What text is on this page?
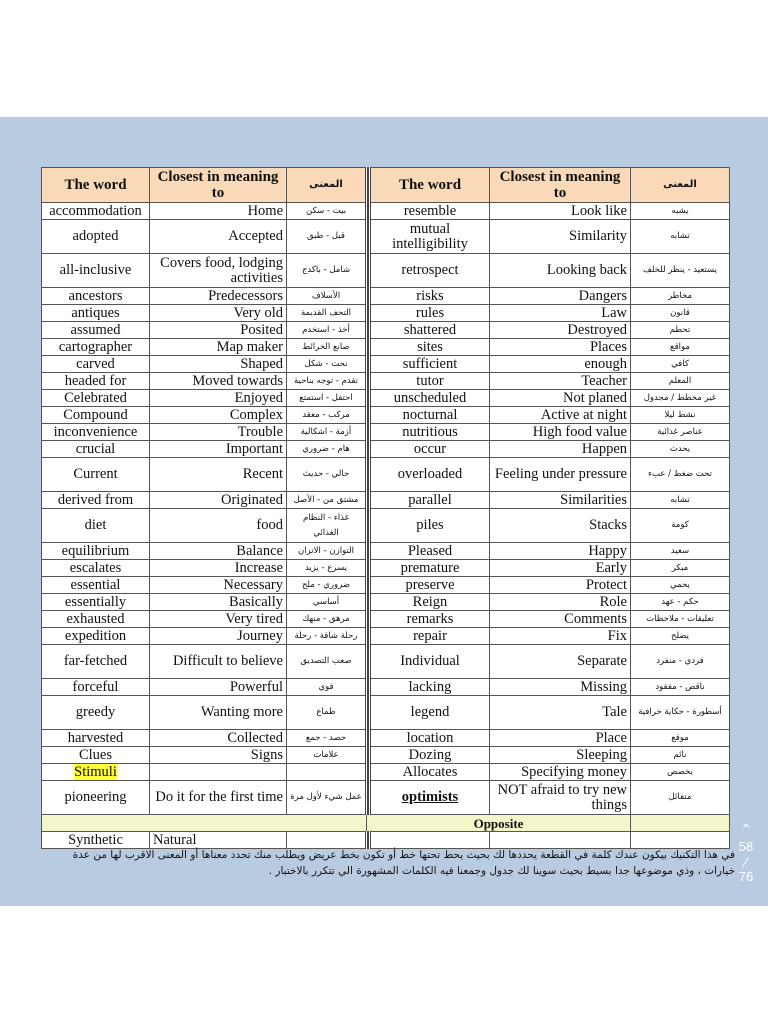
The word	Closest in meaning to	المعنى		The word	Closest in meaning to	المعنى
accommodation	Home	بيت - سكن		resemble	Look like	يشبه
adopted	Accepted	قبل - طبق		mutual intelligibility	Similarity	تشابه
all-inclusive	Covers food, lodging activities	شامل - باكدج		retrospect	Looking back	يستعيد - ينظر للخلف
ancestors	Predecessors	الأسلاف		risks	Dangers	مخاطر
antiques	Very old	التحف القديمة		rules	Law	قانون
assumed	Posited	أخذ - استخدم		shattered	Destroyed	تحطم
cartographer	Map maker	صانع الخرائط		sites	Places	مواقع
carved	Shaped	نحت - شكل		sufficient	enough	كافي
headed for	Moved towards	تقدم - توجه بناحية		tutor	Teacher	المعلم
Celebrated	Enjoyed	احتفل - استمتع		unscheduled	Not planed	غير مخطط / مجدول
Compound	Complex	مركب - معقد		nocturnal	Active at night	نشط ليلا
inconvenience	Trouble	أزمة - اشكالية		nutritious	High food value	عناصر غذائية
crucial	Important	هام - ضروري		occur	Happen	يحدث
Current	Recent	حالي - حديث		overloaded	Feeling under pressure	تحت ضغط / عبء
derived from	Originated	مشتق من - الأصل		parallel	Similarities	تشابه
diet	food	غذاء - النظام الغذائي		piles	Stacks	كومة
equilibrium	Balance	التوازن - الاتزان		Pleased	Happy	سعيد
escalates	Increase	يسرع - يزيد		premature	Early	مبكر
essential	Necessary	ضروري - ملح		preserve	Protect	يحمي
essentially	Basically	أساسي		Reign	Role	حكم - عهد
exhausted	Very tired	مرهق - منهك		remarks	Comments	تعليقات - ملاحظات
expedition	Journey	رحلة شاقة - رحلة		repair	Fix	يصلح
far-fetched	Difficult to believe	صعب التصديق		Individual	Separate	فردي - منفرد
forceful	Powerful	قوي		lacking	Missing	ناقص - مفقود
greedy	Wanting more	طماع		legend	Tale	أسطورة - حكاية خرافية
harvested	Collected	حصد - جمع		location	Place	موقع
Clues	Signs	علامات		Dozing	Sleeping	نائم
Stimuli				Allocates	Specifying money	يخصص
pioneering	Do it for the first time	عمل شيء لأول مرة		optimists	NOT afraid to try new things	متفائل
			Opposite			
Synthetic	Natural					
في هذا التكنيك بيكون عندك كلمة في القطعة يحددها لك بحيث يحط تحتها خط أو تكون بخط عريض ويطلب منك تحدد معناها أو المعنى الاقرب لها من عدة خيارات ، وذي موضوعها جدا بسيط بحيث سوينا لك جدول وجمعنا فيه الكلمات المشهورة الي تتكرر بالاختبار .
⌃
58
⁄
76
